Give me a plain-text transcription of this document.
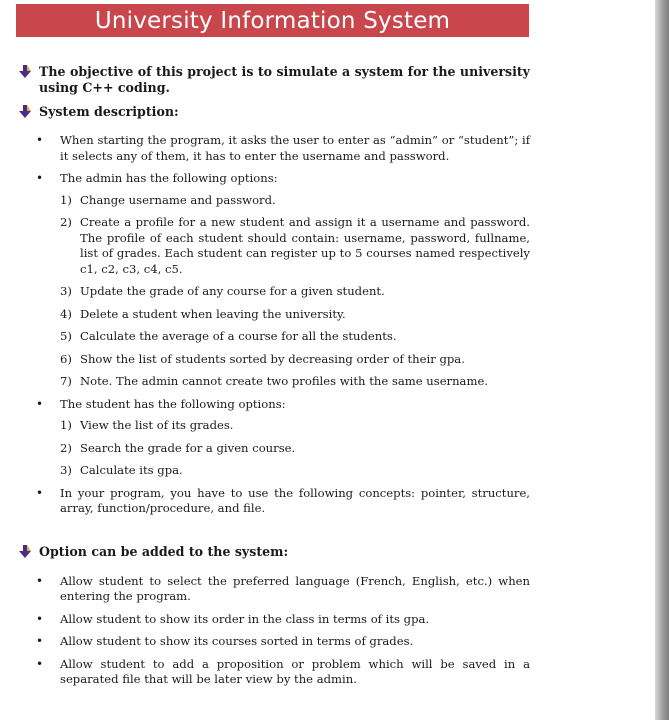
University Information System
The objective of this project is to simulate a system for the university using C++ coding.
System description:
• When starting the program, it asks the user to enter as “admin” or “student”; if it selects any of them, it has to enter the username and password.
• The admin has the following options:
1) Change username and password.
2) Create a profile for a new student and assign it a username and password. The profile of each student should contain: username, password, fullname, list of grades. Each student can register up to 5 courses named respectively c1, c2, c3, c4, c5.
3) Update the grade of any course for a given student.
4) Delete a student when leaving the university.
5) Calculate the average of a course for all the students.
6) Show the list of students sorted by decreasing order of their gpa.
7) Note. The admin cannot create two profiles with the same username.
• The student has the following options:
1) View the list of its grades.
2) Search the grade for a given course.
3) Calculate its gpa.
• In your program, you have to use the following concepts: pointer, structure, array, function/procedure, and file.
Option can be added to the system:
• Allow student to select the preferred language (French, English, etc.) when entering the program.
• Allow student to show its order in the class in terms of its gpa.
• Allow student to show its courses sorted in terms of grades.
• Allow student to add a proposition or problem which will be saved in a separated file that will be later view by the admin.
